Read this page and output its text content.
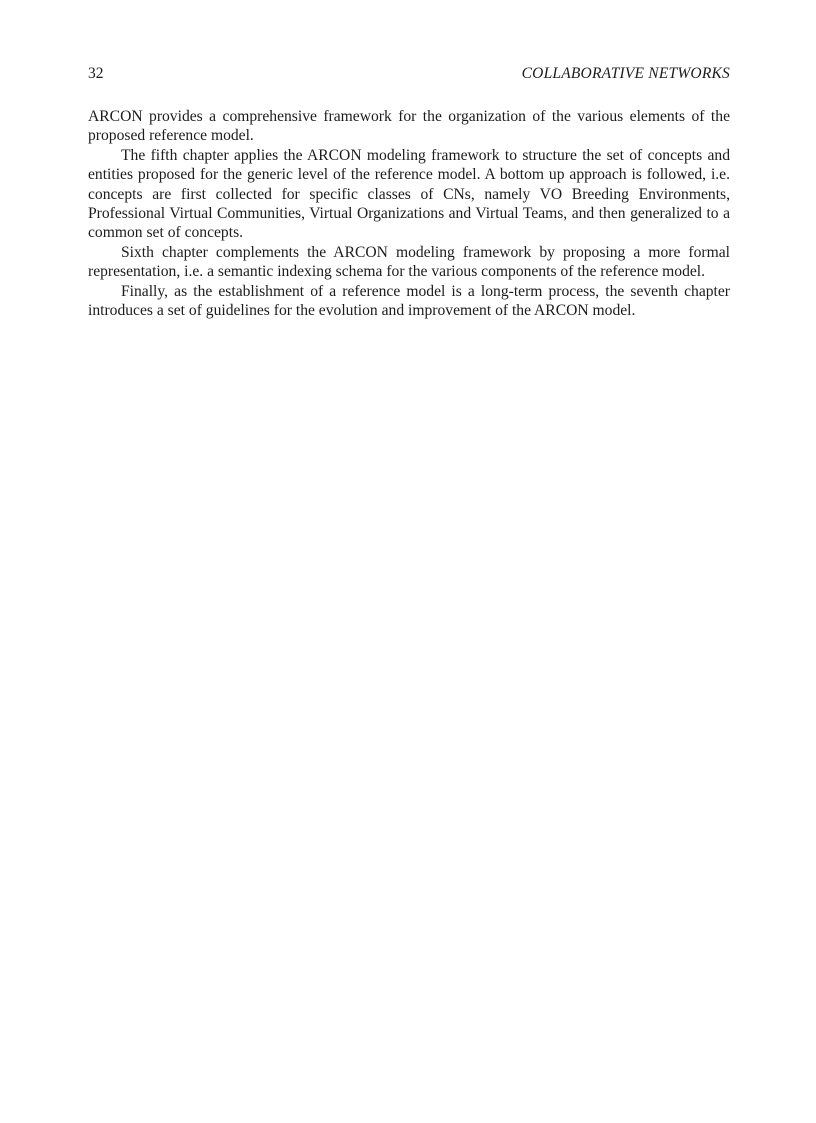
32	COLLABORATIVE NETWORKS

ARCON provides a comprehensive framework for the organization of the various elements of the proposed reference model.

The fifth chapter applies the ARCON modeling framework to structure the set of concepts and entities proposed for the generic level of the reference model. A bottom up approach is followed, i.e. concepts are first collected for specific classes of CNs, namely VO Breeding Environments, Professional Virtual Communities, Virtual Organizations and Virtual Teams, and then generalized to a common set of concepts.

Sixth chapter complements the ARCON modeling framework by proposing a more formal representation, i.e. a semantic indexing schema for the various components of the reference model.

Finally, as the establishment of a reference model is a long-term process, the seventh chapter introduces a set of guidelines for the evolution and improvement of the ARCON model.
